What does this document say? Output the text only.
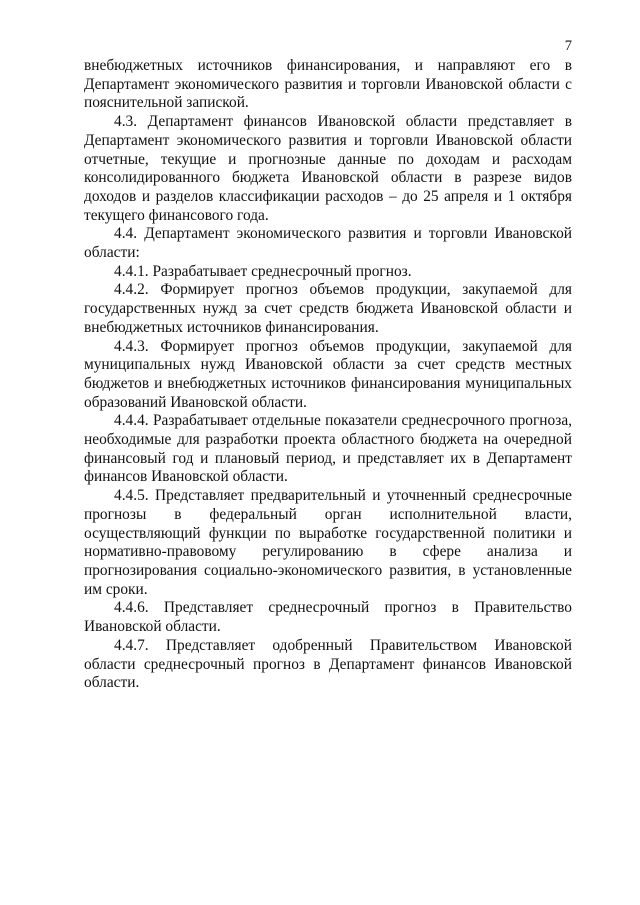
7

внебюджетных источников финансирования, и направляют его в Департамент экономического развития и торговли Ивановской области с пояснительной запиской.

4.3. Департамент финансов Ивановской области представляет в Департамент экономического развития и торговли Ивановской области отчетные, текущие и прогнозные данные по доходам и расходам консолидированного бюджета Ивановской области в разрезе видов доходов и разделов классификации расходов – до 25 апреля и 1 октября текущего финансового года.

4.4. Департамент экономического развития и торговли Ивановской области:

4.4.1. Разрабатывает среднесрочный прогноз.

4.4.2. Формирует прогноз объемов продукции, закупаемой для государственных нужд за счет средств бюджета Ивановской области и внебюджетных источников финансирования.

4.4.3. Формирует прогноз объемов продукции, закупаемой для муниципальных нужд Ивановской области за счет средств местных бюджетов и внебюджетных источников финансирования муниципальных образований Ивановской области.

4.4.4. Разрабатывает отдельные показатели среднесрочного прогноза, необходимые для разработки проекта областного бюджета на очередной финансовый год и плановый период, и представляет их в Департамент финансов Ивановской области.

4.4.5. Представляет предварительный и уточненный среднесрочные прогнозы в федеральный орган исполнительной власти, осуществляющий функции по выработке государственной политики и нормативно-правовому регулированию в сфере анализа и прогнозирования социально-экономического развития, в установленные им сроки.

4.4.6. Представляет среднесрочный прогноз в Правительство Ивановской области.

4.4.7. Представляет одобренный Правительством Ивановской области среднесрочный прогноз в Департамент финансов Ивановской области.
